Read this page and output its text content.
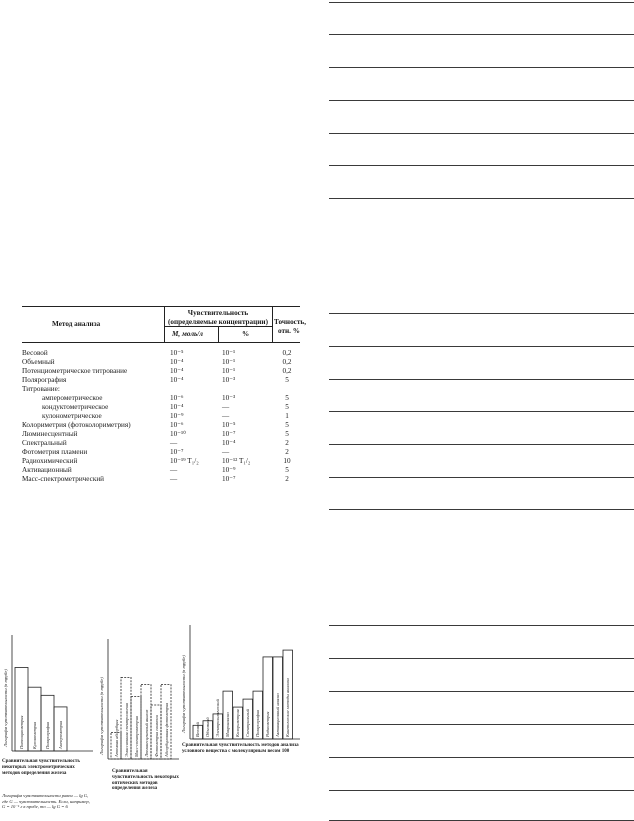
Метод анализа
Чувствительность (определяемые концентрации)
М, моль/л	%
Точность, отн. %
Весовой	10⁻⁵	10⁻¹	0,2
Объемный	10⁻⁴	10⁻¹	0,2
Потенциометрическое титрование	10⁻⁴	10⁻¹	0,2
Полярография	10⁻⁴	10⁻³	5
Титрование:
амперометрическое	10⁻⁶	10⁻³	5
кондуктометрическое	10⁻⁴	—	5
кулонометрическое	10⁻⁹	—	1
Колориметрия (фотоколориметрия)	10⁻⁶	10⁻⁵	5
Люминесцентный	10⁻¹⁰	10⁻⁷	5
Спектральный	—	10⁻⁴	2
Фотометрия пламени	10⁻⁷	—	2
Радиохимический	10⁻¹⁹ T₁/₂	10⁻¹² T₁/₂	10
Активационный	—	10⁻⁹	5
Масс-спектрометрический	—	10⁻⁷	2
Логарифм чувствительности (в трубе)
Сравнительная чувствительность некоторых электрометрических методов определения железа
Логарифм чувствительности равен — lg G, где G — чувствительность. Если, например, G = 10⁻⁶ г в пробе, то — lg G = 6
Потенциометрия Кулонометрия Полярография Амперометрия	Логарифм чувствительности (в трубе)
Сравнительная чувствительность некоторых оптических методов определения железа
Атомная абсорбция Эмиссионная спектроскопия Масс-спектрометрия Люминесцентный анализ Фотометрия пламени Абсорбционная фотометрия	Логарифм чувствительности (в трубе)
Сравнительная чувствительность методов анализа условного вещества с молекулярным весом 100
Весовой Объемный Электрохимический Микроанализ Колориметрия Спектральный Полярография Радиометрия Активационный анализ Кинетические методы анализа
